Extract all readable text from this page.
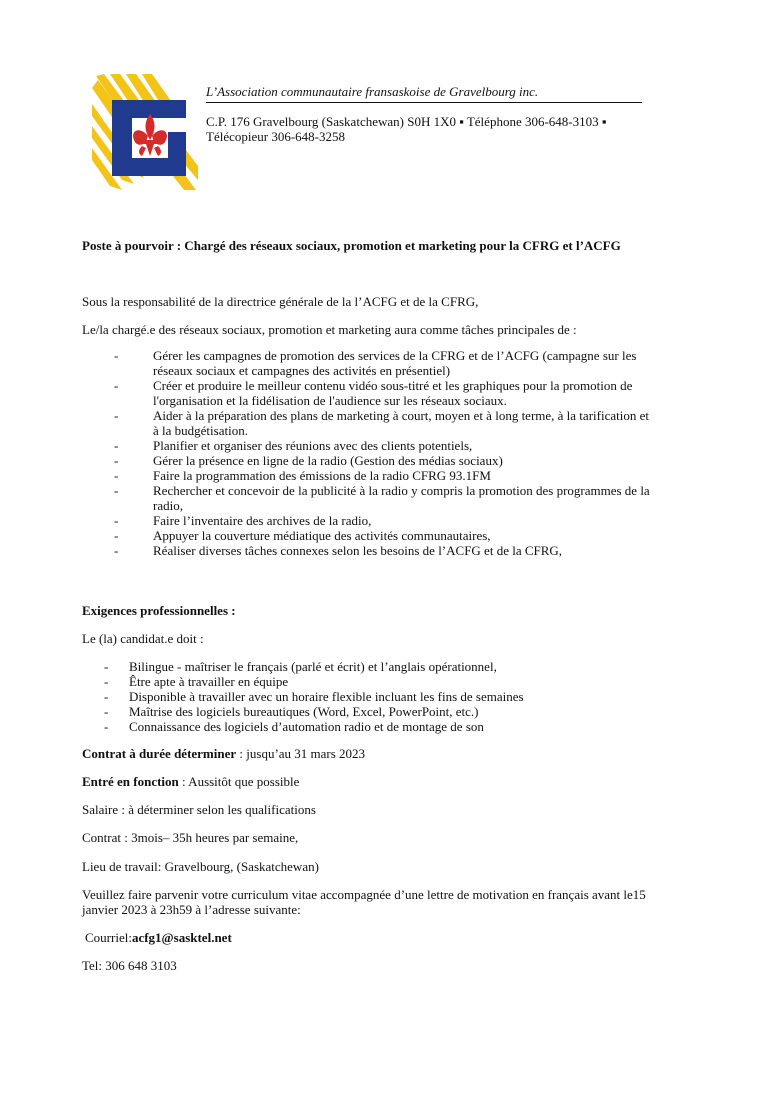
L’Association communautaire fransaskoise de Gravelbourg inc.
C.P. 176 Gravelbourg (Saskatchewan) S0H 1X0 ▪ Téléphone 306-648-3103 ▪
Télécopieur 306-648-3258
Poste à pourvoir : Chargé des réseaux sociaux, promotion et marketing pour la CFRG et l’ACFG
Sous la responsabilité de la directrice générale de la l’ACFG et de la CFRG,
Le/la chargé.e des réseaux sociaux, promotion et marketing aura comme tâches principales de :
-	Gérer les campagnes de promotion des services de la CFRG et de l’ACFG (campagne sur les réseaux sociaux et campagnes des activités en présentiel)
-	Créer et produire le meilleur contenu vidéo sous-titré et les graphiques pour la promotion de l'organisation et la fidélisation de l'audience sur les réseaux sociaux.
-	Aider à la préparation des plans de marketing à court, moyen et à long terme, à la tarification et à la budgétisation.
-	Planifier et organiser des réunions avec des clients potentiels,
-	Gérer la présence en ligne de la radio (Gestion des médias sociaux)
-	Faire la programmation des émissions de la radio CFRG 93.1FM
-	Rechercher et concevoir de la publicité à la radio y compris la promotion des programmes de la radio,
-	Faire l’inventaire des archives de la radio,
-	Appuyer la couverture médiatique des activités communautaires,
-	Réaliser diverses tâches connexes selon les besoins de l’ACFG et de la CFRG,
Exigences professionnelles :
Le (la) candidat.e doit :
- Bilingue - maîtriser le français (parlé et écrit) et l’anglais opérationnel,
- Être apte à travailler en équipe
- Disponible à travailler avec un horaire flexible incluant les fins de semaines
- Maîtrise des logiciels bureautiques (Word, Excel, PowerPoint, etc.)
- Connaissance des logiciels d’automation radio et de montage de son
Contrat à durée déterminer : jusqu’au 31 mars 2023
Entré en fonction : Aussitôt que possible
Salaire : à déterminer selon les qualifications
Contrat : 3mois– 35h heures par semaine,
Lieu de travail: Gravelbourg, (Saskatchewan)
Veuillez faire parvenir votre curriculum vitae accompagnée d’une lettre de motivation en français avant le15 janvier 2023 à 23h59 à l’adresse suivante:
Courriel:acfg1@sasktel.net
Tel: 306 648 3103
